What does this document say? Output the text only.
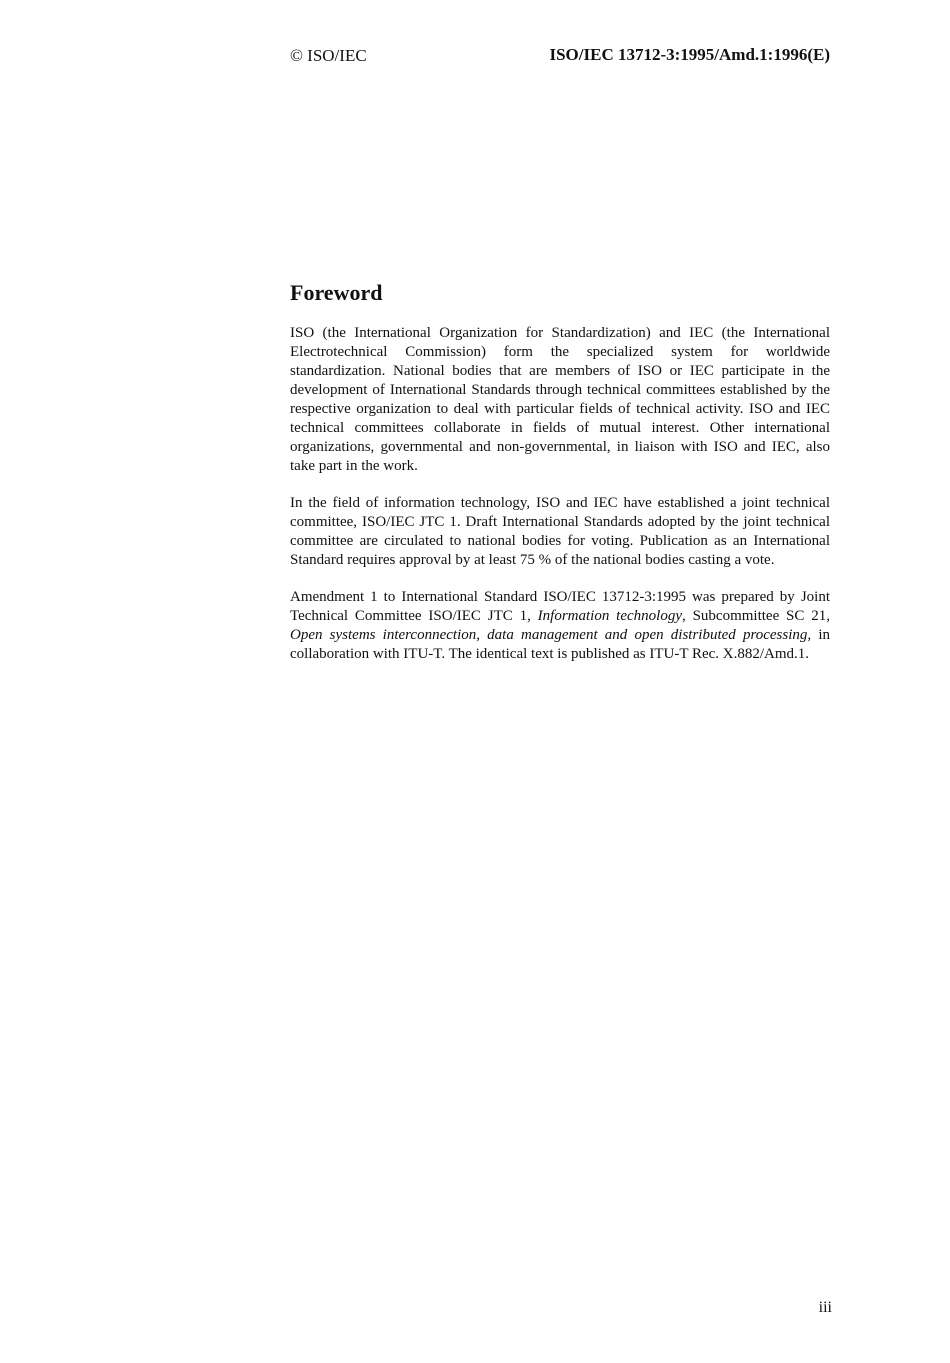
© ISO/IEC	ISO/IEC 13712-3:1995/Amd.1:1996(E)
Foreword

ISO (the International Organization for Standardization) and IEC (the International Electrotechnical Commission) form the specialized system for worldwide standardization. National bodies that are members of ISO or IEC participate in the development of International Standards through technical committees established by the respective organization to deal with particular fields of technical activity. ISO and IEC technical committees collaborate in fields of mutual interest. Other international organizations, governmental and non-governmental, in liaison with ISO and IEC, also take part in the work.

In the field of information technology, ISO and IEC have established a joint technical committee, ISO/IEC JTC 1. Draft International Standards adopted by the joint technical committee are circulated to national bodies for voting. Publication as an International Standard requires approval by at least 75 % of the national bodies casting a vote.

Amendment 1 to International Standard ISO/IEC 13712-3:1995 was prepared by Joint Technical Committee ISO/IEC JTC 1, Information technology, Subcommittee SC 21, Open systems interconnection, data management and open distributed processing, in collaboration with ITU-T. The identical text is published as ITU-T Rec. X.882/Amd.1.

iii
